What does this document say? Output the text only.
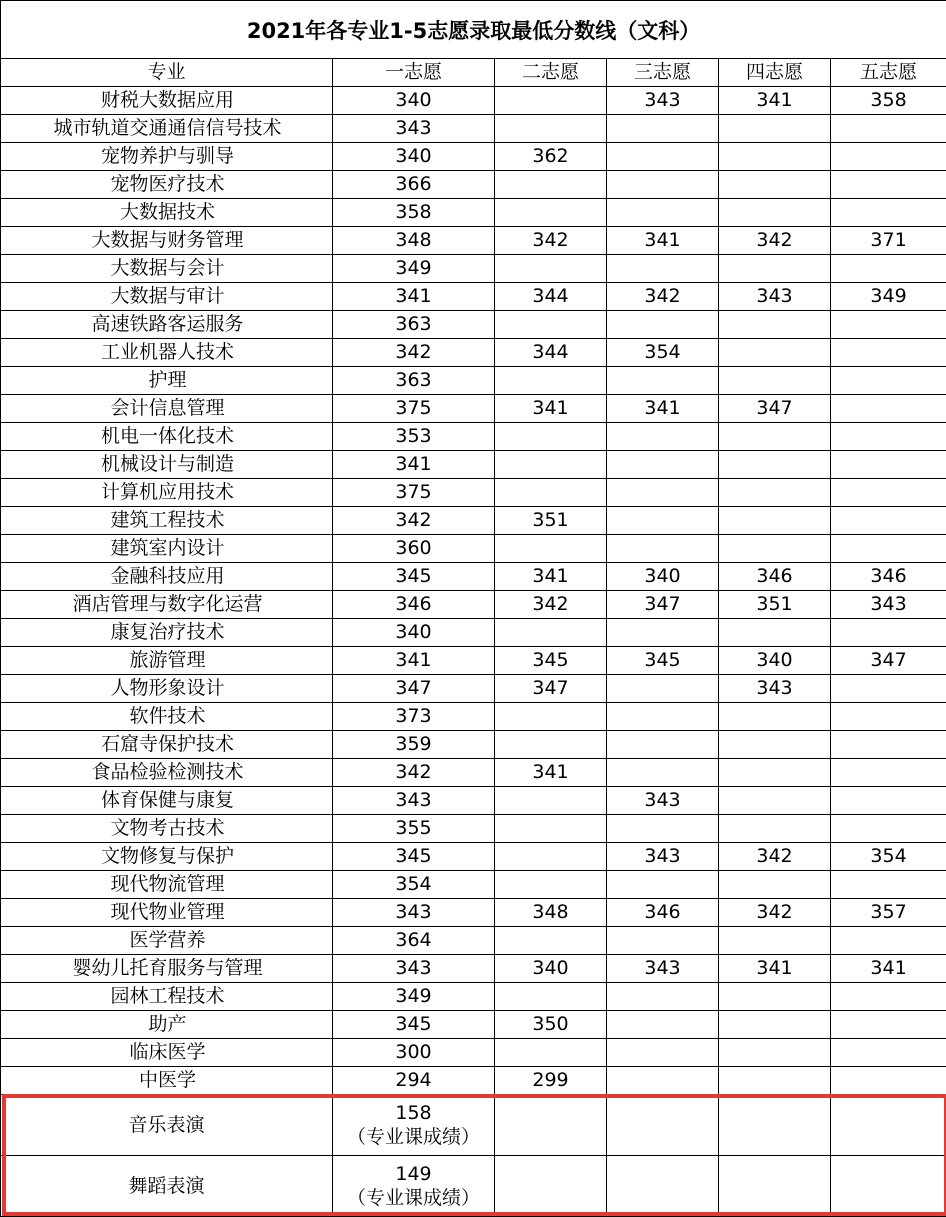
2021年各专业1-5志愿录取最低分数线（文科）					
专业	一志愿	二志愿	三志愿	四志愿	五志愿
财税大数据应用	340		343	341	358
城市轨道交通通信信号技术	343				
宠物养护与驯导	340	362			
宠物医疗技术	366				
大数据技术	358				
大数据与财务管理	348	342	341	342	371
大数据与会计	349				
大数据与审计	341	344	342	343	349
高速铁路客运服务	363				
工业机器人技术	342	344	354		
护理	363				
会计信息管理	375	341	341	347	
机电一体化技术	353				
机械设计与制造	341				
计算机应用技术	375				
建筑工程技术	342	351			
建筑室内设计	360				
金融科技应用	345	341	340	346	346
酒店管理与数字化运营	346	342	347	351	343
康复治疗技术	340				
旅游管理	341	345	345	340	347
人物形象设计	347	347		343	
软件技术	373				
石窟寺保护技术	359				
食品检验检测技术	342	341			
体育保健与康复	343		343		
文物考古技术	355				
文物修复与保护	345		343	342	354
现代物流管理	354				
现代物业管理	343	348	346	342	357
医学营养	364				
婴幼儿托育服务与管理	343	340	343	341	341
园林工程技术	349				
助产	345	350			
临床医学	300				
中医学	294	299			
音乐表演	158
（专业课成绩）				

舞蹈表演	149
（专业课成绩）				
